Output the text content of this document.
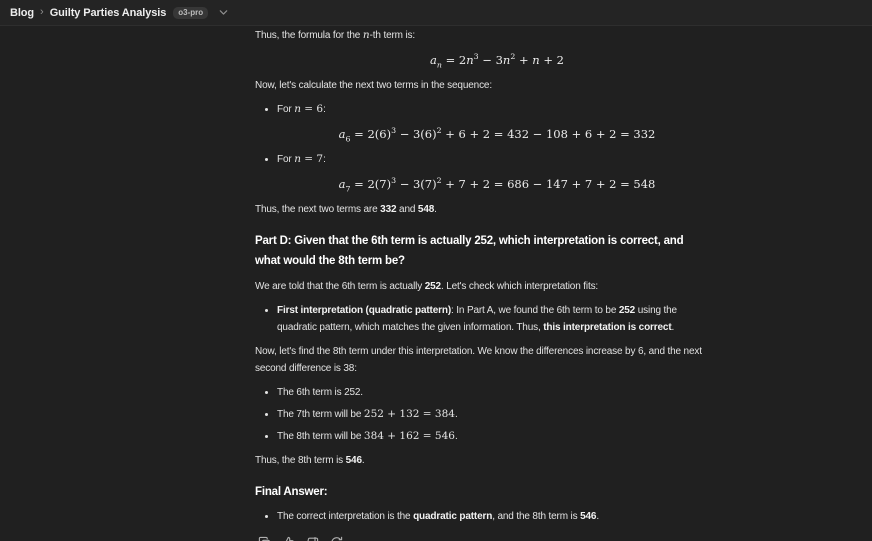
Blog › Guilty Parties Analysis	o3-pro
Thus, the formula for the n-th term is:
$a_n = 2n^3 - 3n^2 + n + 2$
Now, let's calculate the next two terms in the sequence:
For n = 6:
$a_6 = 2(6)^3 - 3(6)^2 + 6 + 2 = 432 - 108 + 6 + 2 = 332$
For n = 7:
$a_7 = 2(7)^3 - 3(7)^2 + 7 + 2 = 686 - 147 + 7 + 2 = 548$
Thus, the next two terms are 332 and 548.
Part D: Given that the 6th term is actually 252, which interpretation is correct, and
what would the 8th term be?
We are told that the 6th term is actually 252. Let's check which interpretation fits:
First interpretation (quadratic pattern): In Part A, we found the 6th term to be 252 using the
quadratic pattern, which matches the given information. Thus, this interpretation is correct.
Now, let's find the 8th term under this interpretation. We know the differences increase by 6, and the next
second difference is 38:
The 6th term is 252.
The 7th term will be 252 + 132 = 384.
The 8th term will be 384 + 162 = 546.
Thus, the 8th term is 546.
Final Answer:
The correct interpretation is the quadratic pattern, and the 8th term is 546.
